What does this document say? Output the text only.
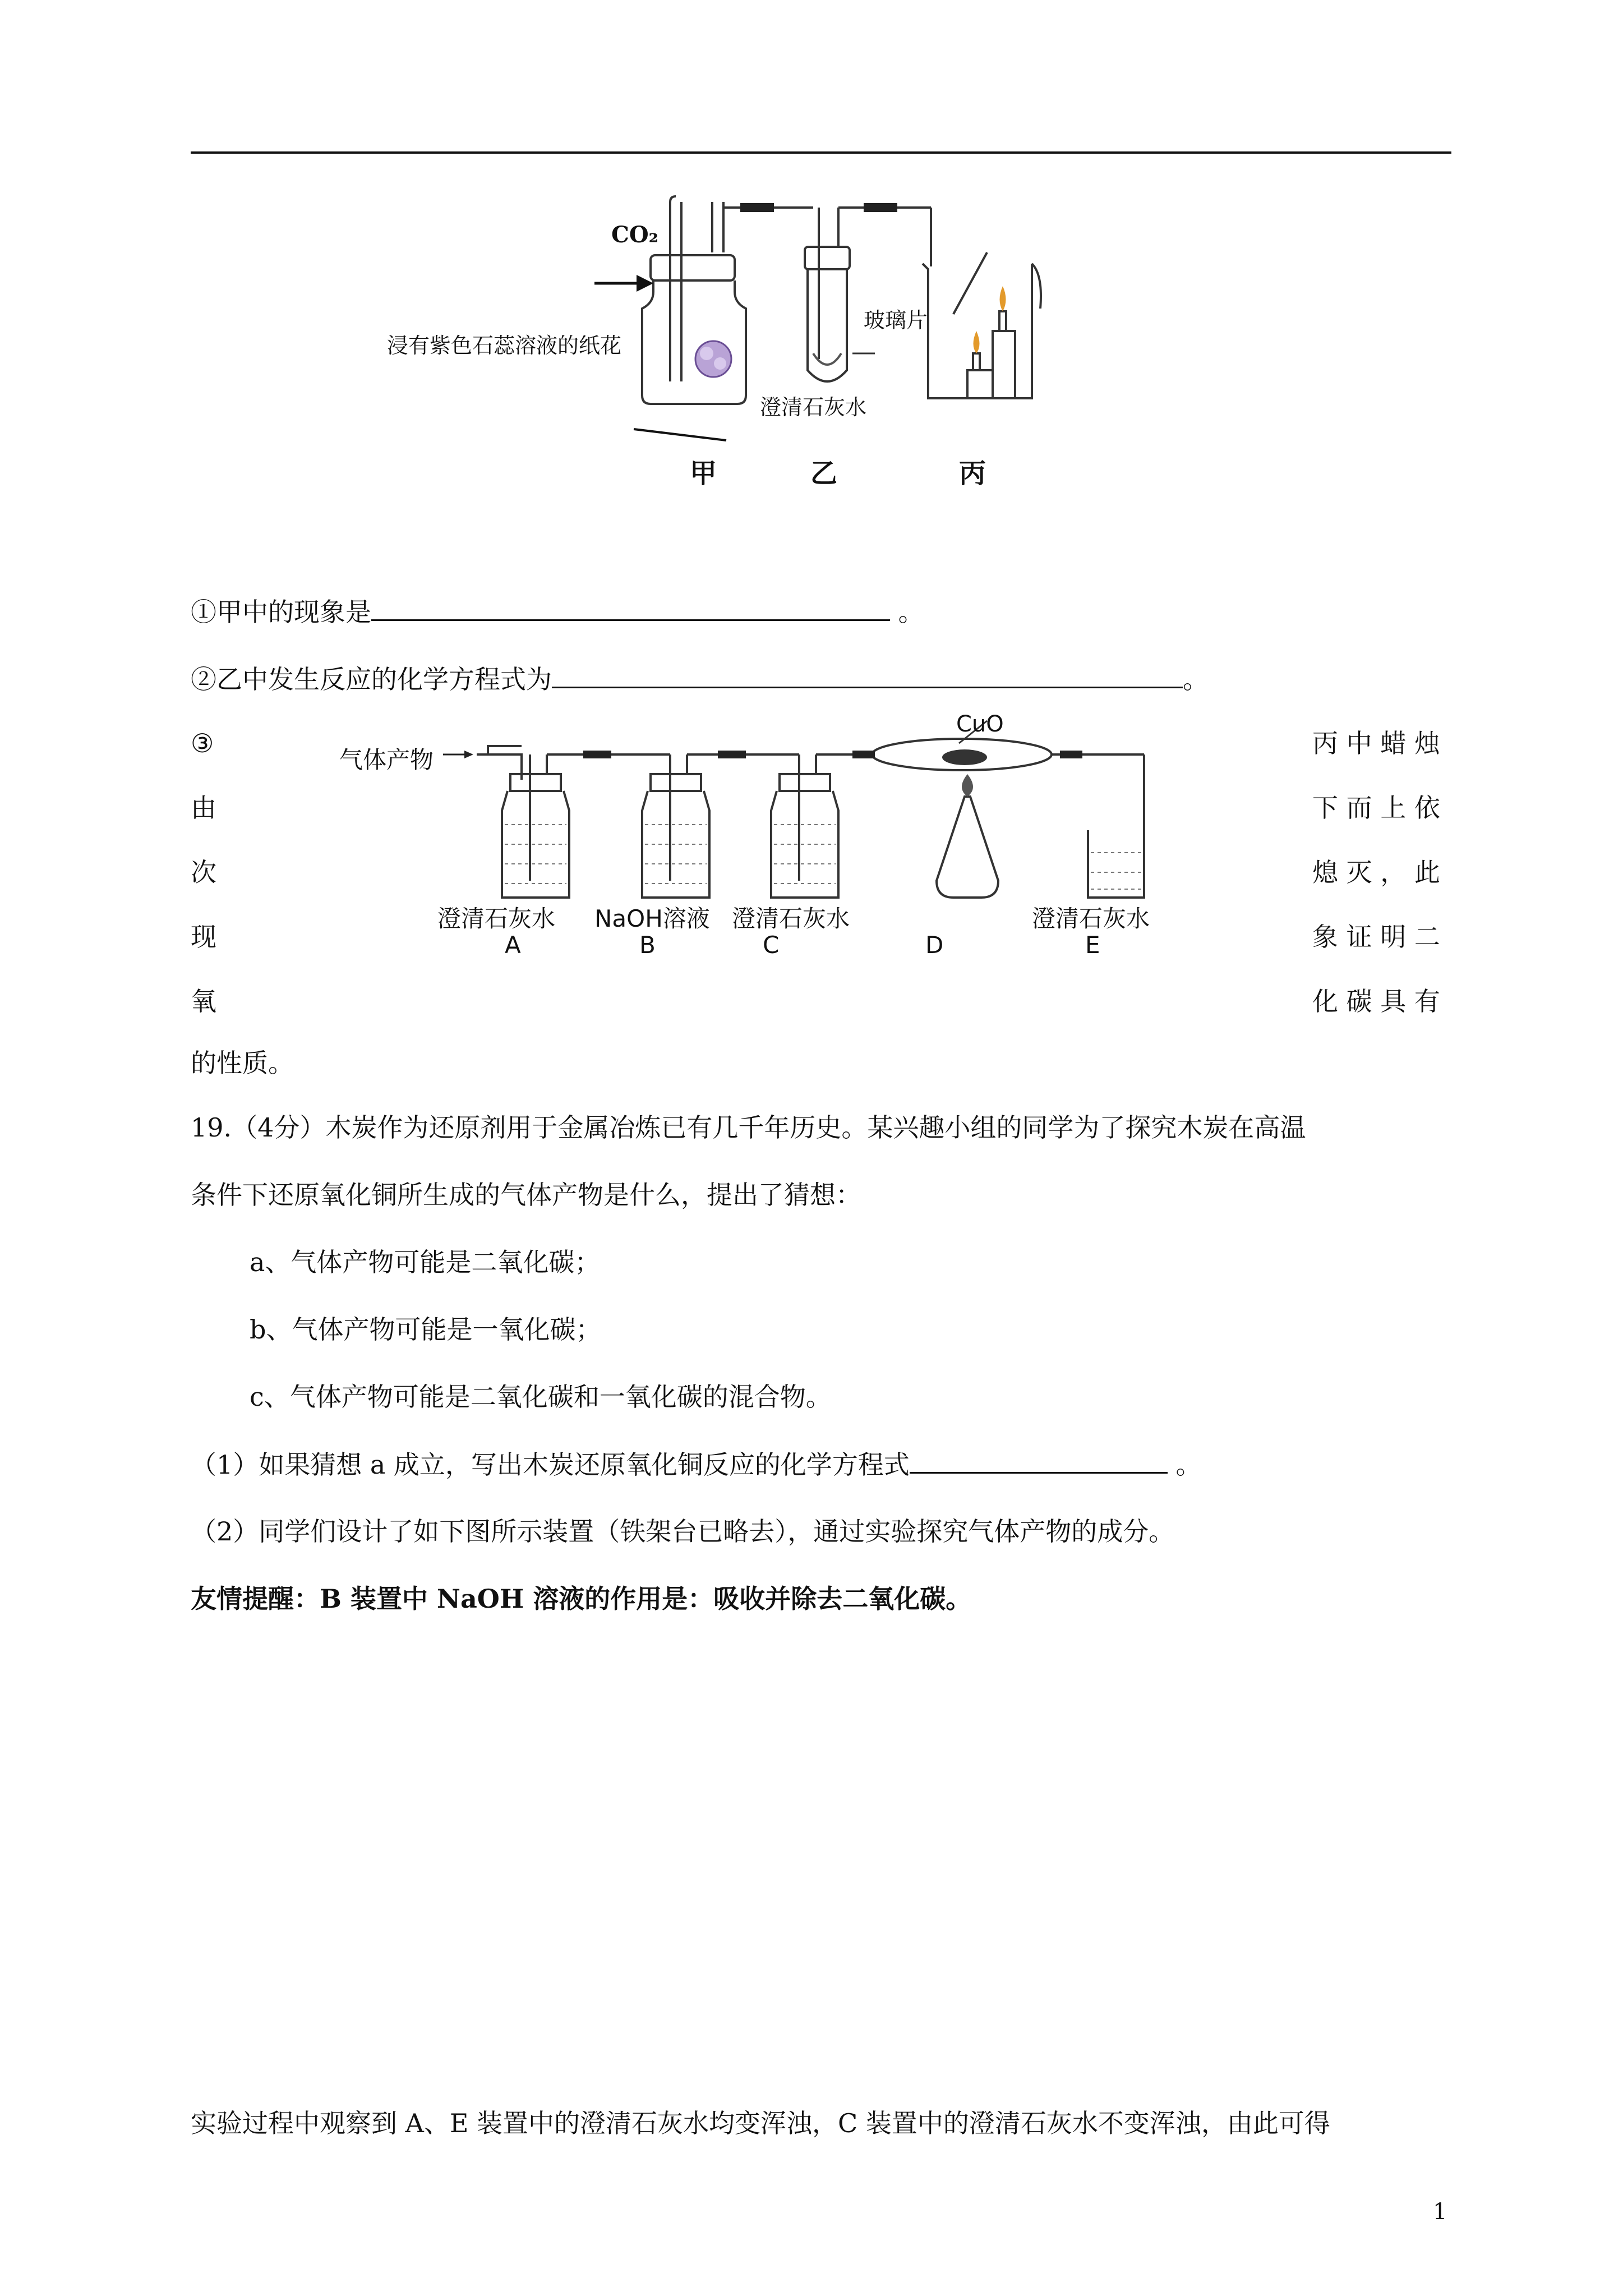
CO₂
浸有紫色石蕊溶液的纸花
澄清石灰水
玻璃片
甲	乙	丙
①甲中的现象是	。
②乙中发生反应的化学方程式为	。
③
由
次
现
氧
丙 中 蜡 烛
下 而 上 依
熄 灭 ， 此
象 证 明 二
化 碳 具 有
的性质。
气体产物
CuO
澄清石灰水
A
NaOH溶液
B
澄清石灰水
C	D
澄清石灰水
E
19.（4分）木炭作为还原剂用于金属冶炼已有几千年历史。某兴趣小组的同学为了探究木炭在高温
条件下还原氧化铜所生成的气体产物是什么，提出了猜想：
a、气体产物可能是二氧化碳；
b、气体产物可能是一氧化碳；
c、气体产物可能是二氧化碳和一氧化碳的混合物。
（1）如果猜想 a 成立，写出木炭还原氧化铜反应的化学方程式	。
（2）同学们设计了如下图所示装置（铁架台已略去），通过实验探究气体产物的成分。
友情提醒：B 装置中 NaOH 溶液的作用是：吸收并除去二氧化碳。
实验过程中观察到 A、E 装置中的澄清石灰水均变浑浊，C 装置中的澄清石灰水不变浑浊，由此可得
1
